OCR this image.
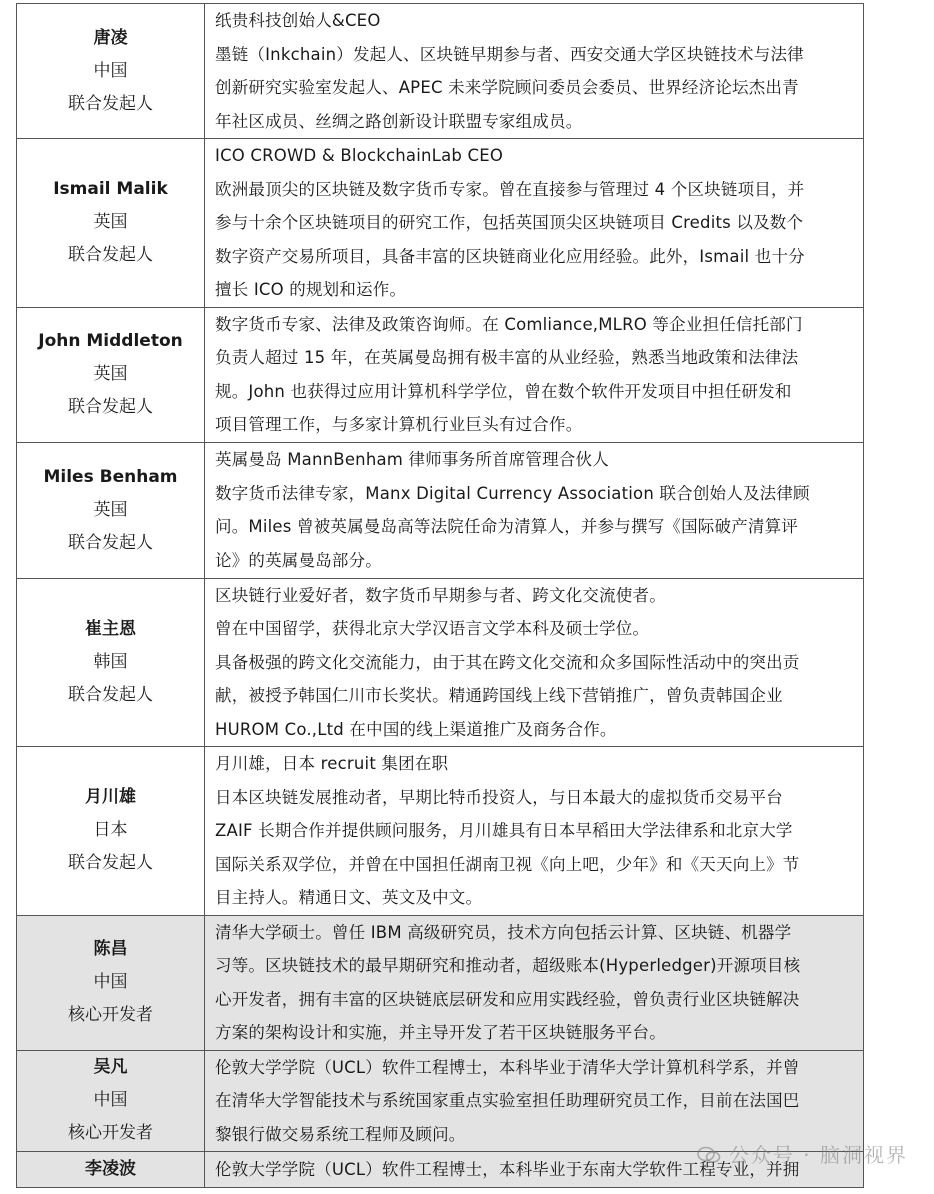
唐凌
中国
联合发起人	纸贵科技创始人&CEO
墨链（Inkchain）发起人、区块链早期参与者、西安交通大学区块链技术与法律
创新研究实验室发起人、APEC 未来学院顾问委员会委员、世界经济论坛杰出青
年社区成员、丝绸之路创新设计联盟专家组成员。

Ismail Malik
英国
联合发起人	ICO CROWD & BlockchainLab CEO
欧洲最顶尖的区块链及数字货币专家。曾在直接参与管理过 4 个区块链项目，并
参与十余个区块链项目的研究工作，包括英国顶尖区块链项目 Credits 以及数个
数字资产交易所项目，具备丰富的区块链商业化应用经验。此外，Ismail 也十分
擅长 ICO 的规划和运作。

John Middleton
英国
联合发起人	数字货币专家、法律及政策咨询师。在 Comliance,MLRO 等企业担任信托部门
负责人超过 15 年，在英属曼岛拥有极丰富的从业经验，熟悉当地政策和法律法
规。John 也获得过应用计算机科学学位，曾在数个软件开发项目中担任研发和
项目管理工作，与多家计算机行业巨头有过合作。

Miles Benham
英国
联合发起人	英属曼岛 MannBenham 律师事务所首席管理合伙人
数字货币法律专家，Manx Digital Currency Association 联合创始人及法律顾
问。Miles 曾被英属曼岛高等法院任命为清算人，并参与撰写《国际破产清算评
论》的英属曼岛部分。

崔主恩
韩国
联合发起人	区块链行业爱好者，数字货币早期参与者、跨文化交流使者。
曾在中国留学，获得北京大学汉语言文学本科及硕士学位。
具备极强的跨文化交流能力，由于其在跨文化交流和众多国际性活动中的突出贡
献，被授予韩国仁川市长奖状。精通跨国线上线下营销推广，曾负责韩国企业
HUROM Co.,Ltd 在中国的线上渠道推广及商务合作。

月川雄
日本
联合发起人	月川雄，日本 recruit 集团在职
日本区块链发展推动者，早期比特币投资人，与日本最大的虚拟货币交易平台
ZAIF 长期合作并提供顾问服务，月川雄具有日本早稻田大学法律系和北京大学
国际关系双学位，并曾在中国担任湖南卫视《向上吧，少年》和《天天向上》节
目主持人。精通日文、英文及中文。

陈昌
中国
核心开发者	清华大学硕士。曾任 IBM 高级研究员，技术方向包括云计算、区块链、机器学
习等。区块链技术的最早期研究和推动者，超级账本(Hyperledger)开源项目核
心开发者，拥有丰富的区块链底层研发和应用实践经验，曾负责行业区块链解决
方案的架构设计和实施，并主导开发了若干区块链服务平台。

吴凡
中国
核心开发者	伦敦大学学院（UCL）软件工程博士，本科毕业于清华大学计算机科学系，并曾
在清华大学智能技术与系统国家重点实验室担任助理研究员工作，目前在法国巴
黎银行做交易系统工程师及顾问。

李凌波	伦敦大学学院（UCL）软件工程博士，本科毕业于东南大学软件工程专业，并拥
公众号 · 脑洞视界
